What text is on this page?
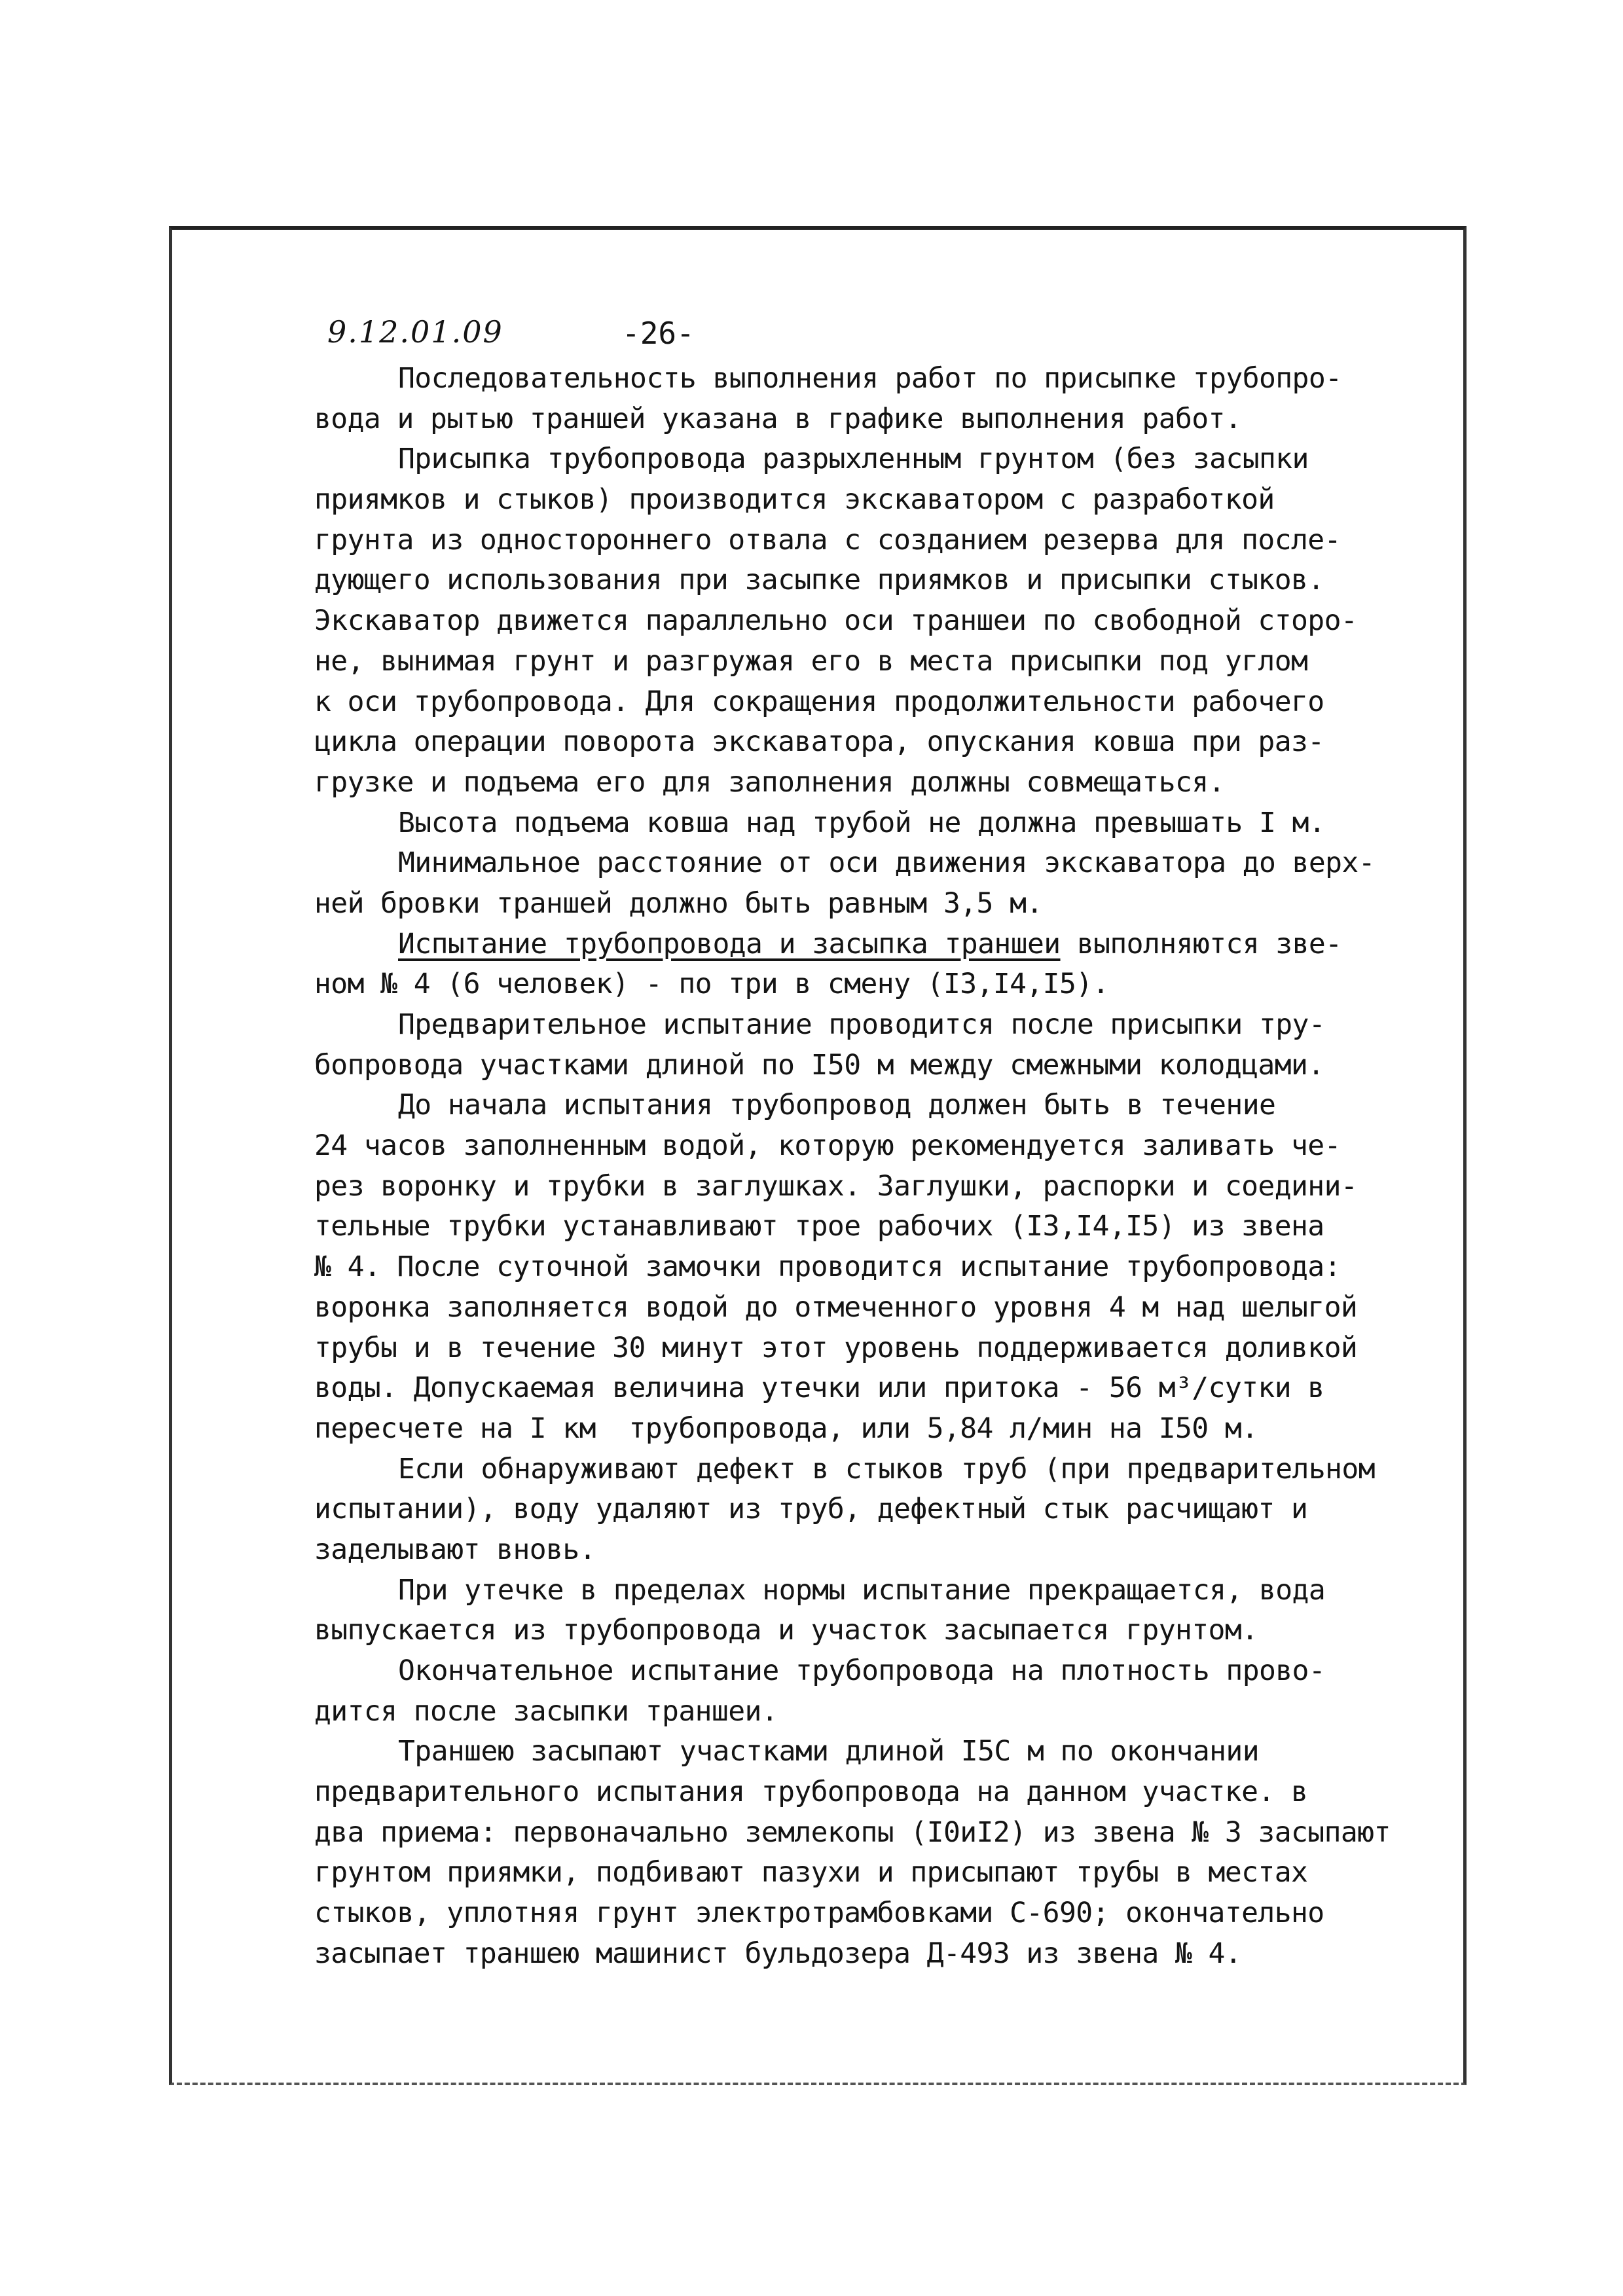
9.12.01.09	-26-
Последовательность выполнения работ по присыпке трубопро-
вода и рытью траншей указана в графике выполнения работ.
Присыпка трубопровода разрыхленным грунтом (без засыпки
приямков и стыков) производится экскаватором с разработкой
грунта из одностороннего отвала с созданием резерва для после-
дующего использования при засыпке приямков и присыпки стыков.
Экскаватор движется параллельно оси траншеи по свободной сторо-
не, вынимая грунт и разгружая его в места присыпки под углом
к оси трубопровода. Для сокращения продолжительности рабочего
цикла операции поворота экскаватора, опускания ковша при раз-
грузке и подъема его для заполнения должны совмещаться.
Высота подъема ковша над трубой не должна превышать I м.
Минимальное расстояние от оси движения экскаватора до верх-
ней бровки траншей должно быть равным 3,5 м.
Испытание трубопровода и засыпка траншеи выполняются зве-
ном № 4 (6 человек) - по три в смену (I3,I4,I5).
Предварительное испытание проводится после присыпки тру-
бопровода участками длиной по I50 м между смежными колодцами.
До начала испытания трубопровод должен быть в течение
24 часов заполненным водой, которую рекомендуется заливать че-
рез воронку и трубки в заглушках. Заглушки, распорки и соедини-
тельные трубки устанавливают трое рабочих (I3,I4,I5) из звена
№ 4. После суточной замочки проводится испытание трубопровода:
воронка заполняется водой до отмеченного уровня 4 м над шелыгой
трубы и в течение 30 минут этот уровень поддерживается доливкой
воды. Допускаемая величина утечки или притока - 56 м³/сутки в
пересчете на I км  трубопровода, или 5,84 л/мин на I50 м.
Если обнаруживают дефект в стыков труб (при предварительном
испытании), воду удаляют из труб, дефектный стык расчищают и
заделывают вновь.
При утечке в пределах нормы испытание прекращается, вода
выпускается из трубопровода и участок засыпается грунтом.
Окончательное испытание трубопровода на плотность прово-
дится после засыпки траншеи.
Траншею засыпают участками длиной I5С м по окончании
предварительного испытания трубопровода на данном участке. в
два приема: первоначально землекопы (I0иI2) из звена № 3 засыпают
грунтом приямки, подбивают пазухи и присыпают трубы в местах
стыков, уплотняя грунт электротрамбовками С-690; окончательно
засыпает траншею машинист бульдозера Д-493 из звена № 4.
